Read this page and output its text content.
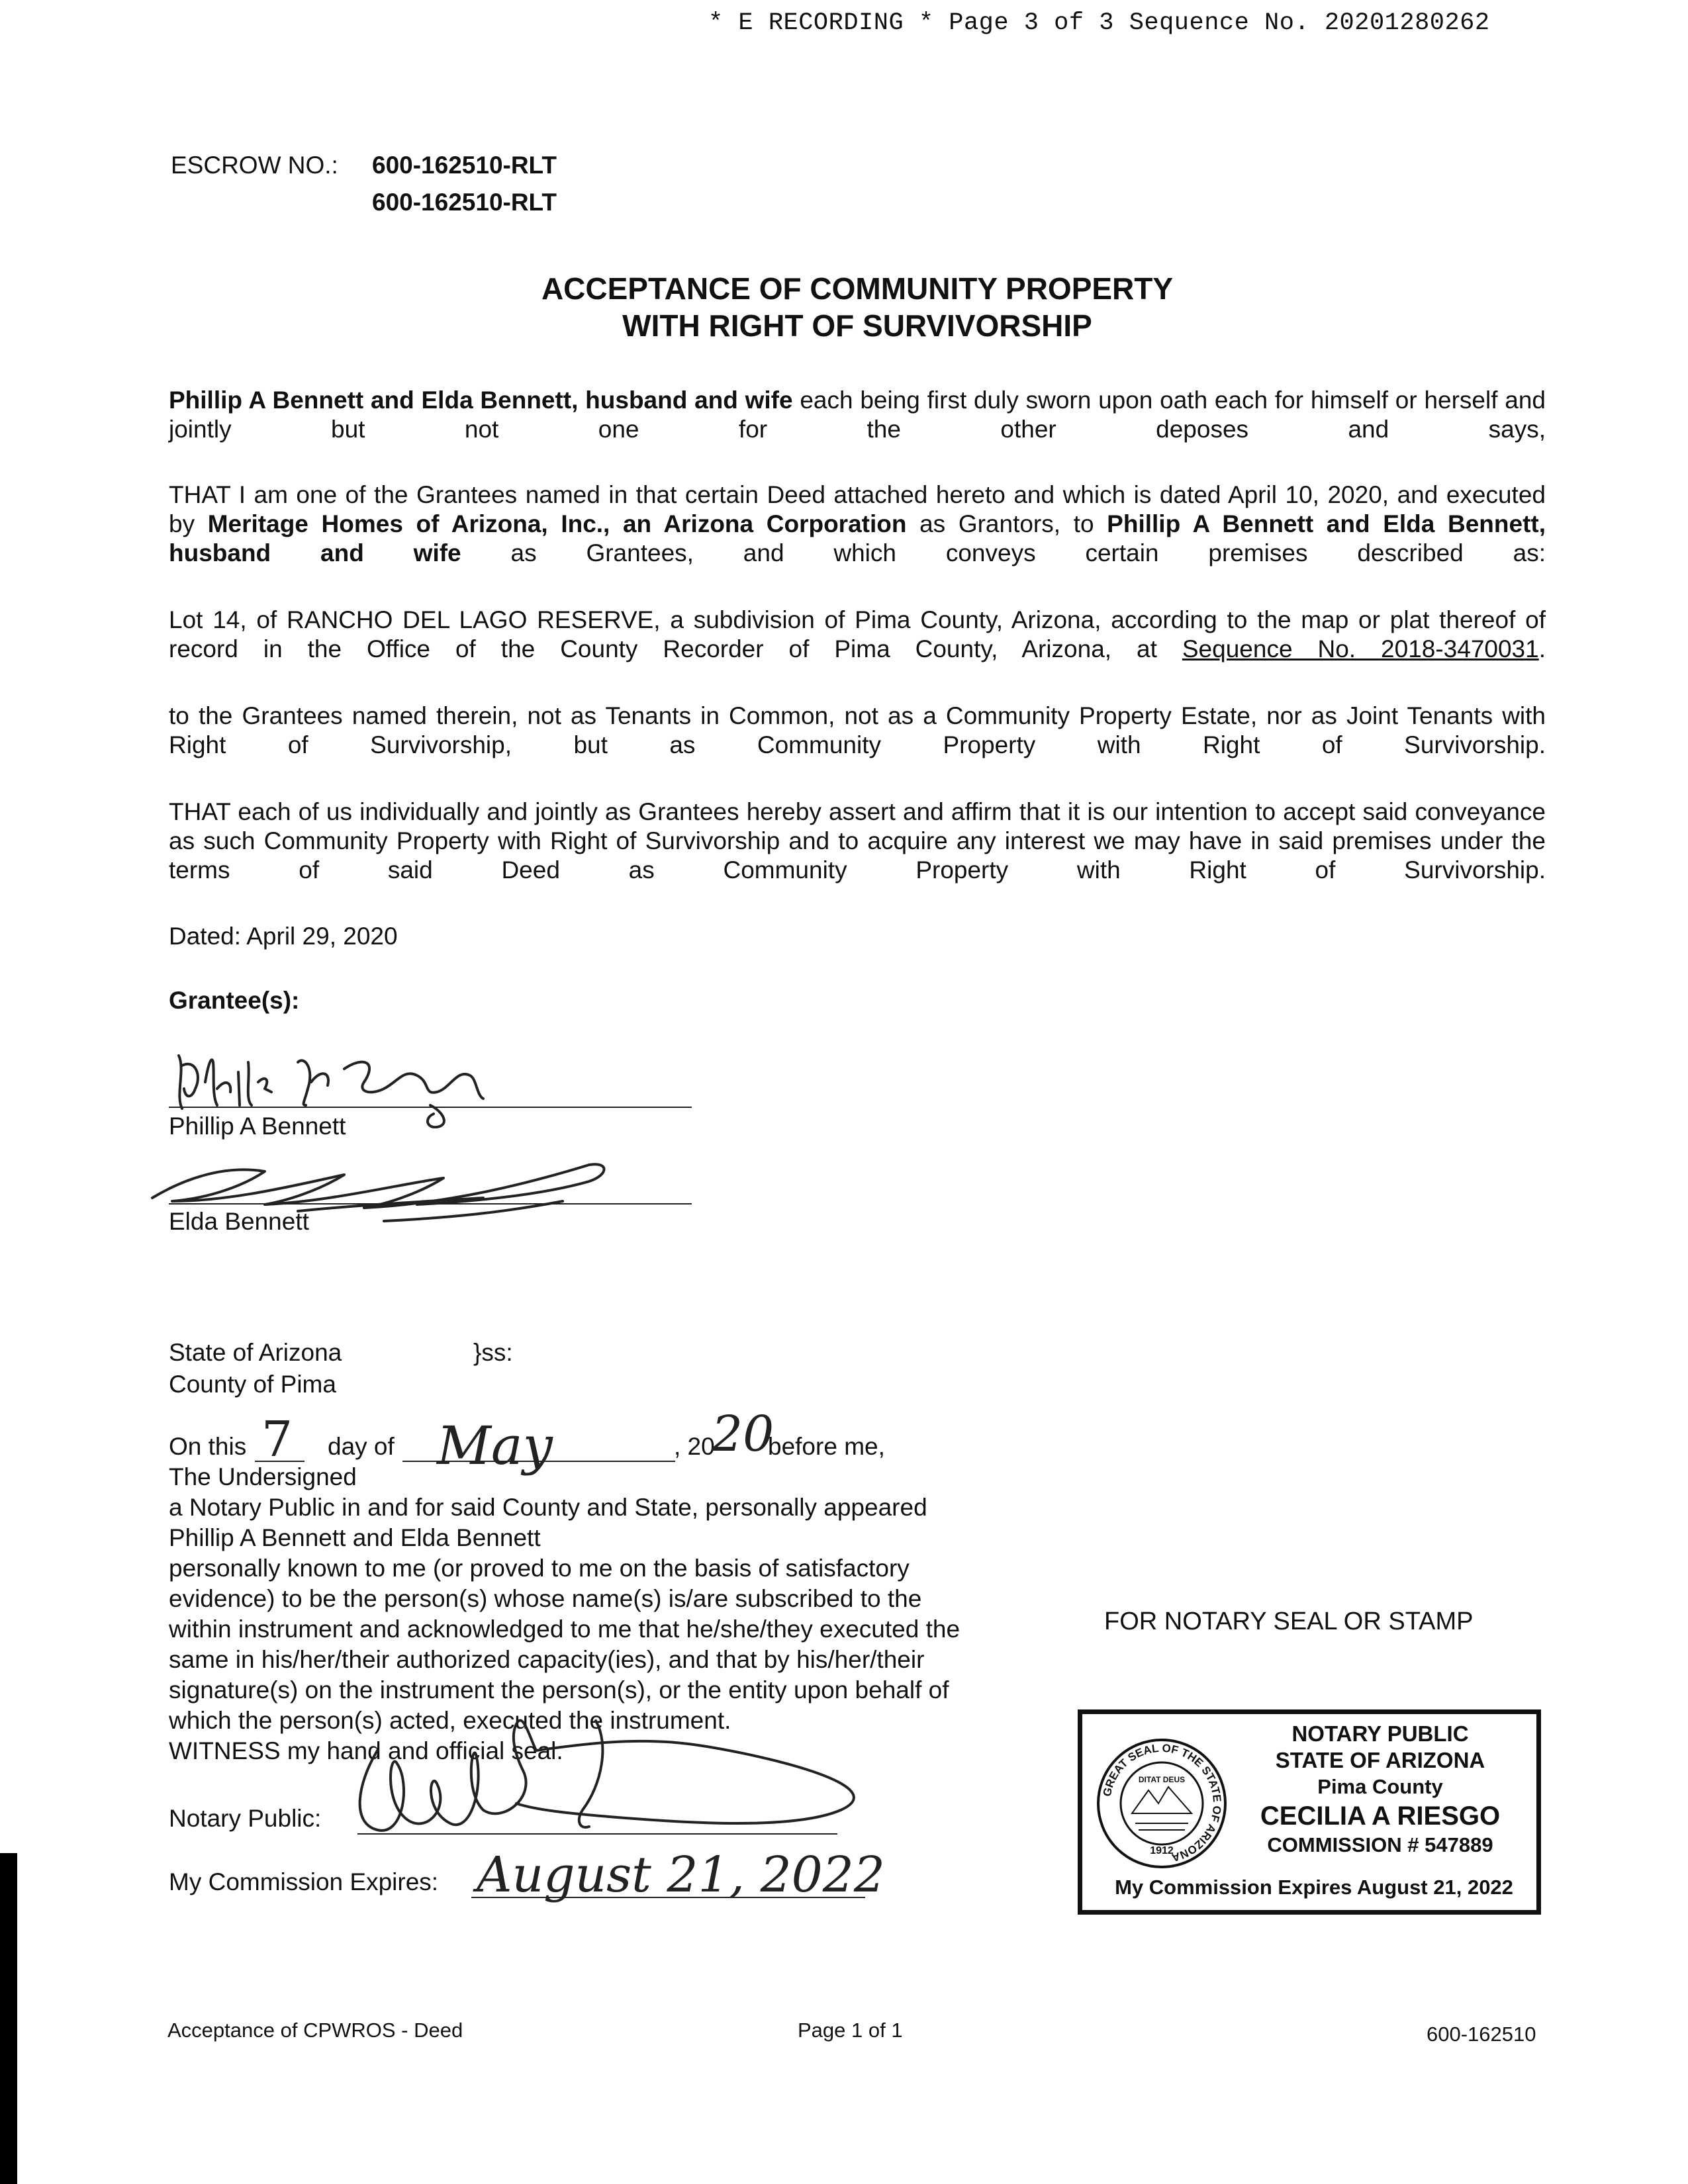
* E RECORDING * Page 3 of 3 Sequence No. 20201280262
ESCROW NO.: 600-162510-RLT
600-162510-RLT
ACCEPTANCE OF COMMUNITY PROPERTY
WITH RIGHT OF SURVIVORSHIP
Phillip A Bennett and Elda Bennett, husband and wife each being first duly sworn upon oath each for himself or herself and jointly but not one for the other deposes and says,
THAT I am one of the Grantees named in that certain Deed attached hereto and which is dated April 10, 2020, and executed by Meritage Homes of Arizona, Inc., an Arizona Corporation as Grantors, to Phillip A Bennett and Elda Bennett, husband and wife as Grantees, and which conveys certain premises described as:
Lot 14, of RANCHO DEL LAGO RESERVE, a subdivision of Pima County, Arizona, according to the map or plat thereof of record in the Office of the County Recorder of Pima County, Arizona, at Sequence No. 2018-3470031.
to the Grantees named therein, not as Tenants in Common, not as a Community Property Estate, nor as Joint Tenants with Right of Survivorship, but as Community Property with Right of Survivorship.
THAT each of us individually and jointly as Grantees hereby assert and affirm that it is our intention to accept said conveyance as such Community Property with Right of Survivorship and to acquire any interest we may have in said premises under the terms of said Deed as Community Property with Right of Survivorship.
Dated: April 29, 2020
Grantee(s):
Phillip A Bennett
Elda Bennett
State of Arizona	}ss:
County of Pima
On this 7 day of May	, 20
20
before me,
The Undersigned
a Notary Public in and for said County and State, personally appeared
Phillip A Bennett and Elda Bennett
personally known to me (or proved to me on the basis of satisfactory
evidence) to be the person(s) whose name(s) is/are subscribed to the
within instrument and acknowledged to me that he/she/they executed the
same in his/her/their authorized capacity(ies), and that by his/her/their
signature(s) on the instrument the person(s), or the entity upon behalf of
which the person(s) acted, executed the instrument.
WITNESS my hand and official seal.
Notary Public:
My Commission Expires: August 21, 2022
FOR NOTARY SEAL OR STAMP
GREAT SEAL OF THE STATE OF ARIZONA
DITAT DEUS
1912
NOTARY PUBLIC
STATE OF ARIZONA
Pima County
CECILIA A RIESGO
COMMISSION # 547889
My Commission Expires August 21, 2022
Acceptance of CPWROS - Deed	Page 1 of 1	600-162510
